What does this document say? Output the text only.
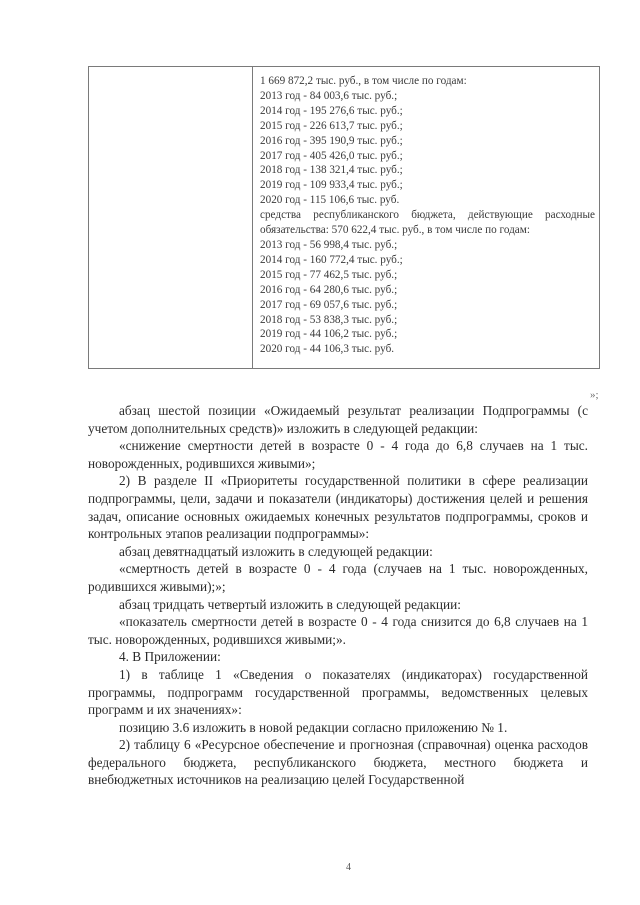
1 669 872,2 тыс. руб., в том числе по годам:
2013 год - 84 003,6 тыс. руб.;
2014 год - 195 276,6 тыс. руб.;
2015 год - 226 613,7 тыс. руб.;
2016 год - 395 190,9 тыс. руб.;
2017 год - 405 426,0 тыс. руб.;
2018 год - 138 321,4 тыс. руб.;
2019 год - 109 933,4 тыс. руб.;
2020 год - 115 106,6 тыс. руб.
средства республиканского бюджета, действующие расходные обязательства: 570 622,4 тыс. руб., в том числе по годам:
2013 год - 56 998,4 тыс. руб.;
2014 год - 160 772,4 тыс. руб.;
2015 год - 77 462,5 тыс. руб.;
2016 год - 64 280,6 тыс. руб.;
2017 год - 69 057,6 тыс. руб.;
2018 год - 53 838,3 тыс. руб.;
2019 год - 44 106,2 тыс. руб.;
2020 год - 44 106,3 тыс. руб.
»;

абзац шестой позиции «Ожидаемый результат реализации Подпрограммы (с учетом дополнительных средств)» изложить в следующей редакции:

«снижение смертности детей в возрасте 0 - 4 года до 6,8 случаев на 1 тыс. новорожденных, родившихся живыми»;

2) В разделе II «Приоритеты государственной политики в сфере реализации подпрограммы, цели, задачи и показатели (индикаторы) достижения целей и решения задач, описание основных ожидаемых конечных результатов подпрограммы, сроков и контрольных этапов реализации подпрограммы»:

абзац девятнадцатый изложить в следующей редакции:

«смертность детей в возрасте 0 - 4 года (случаев на 1 тыс. новорожденных, родившихся живыми);»;

абзац тридцать четвертый изложить в следующей редакции:

«показатель смертности детей в возрасте 0 - 4 года снизится до 6,8 случаев на 1 тыс. новорожденных, родившихся живыми;».

4. В Приложении:

1) в таблице 1 «Сведения о показателях (индикаторах) государственной программы, подпрограмм государственной программы, ведомственных целевых программ и их значениях»:

позицию 3.6 изложить в новой редакции согласно приложению № 1.

2) таблицу 6 «Ресурсное обеспечение и прогнозная (справочная) оценка расходов федерального бюджета, республиканского бюджета, местного бюджета и внебюджетных источников на реализацию целей Государственной

4
